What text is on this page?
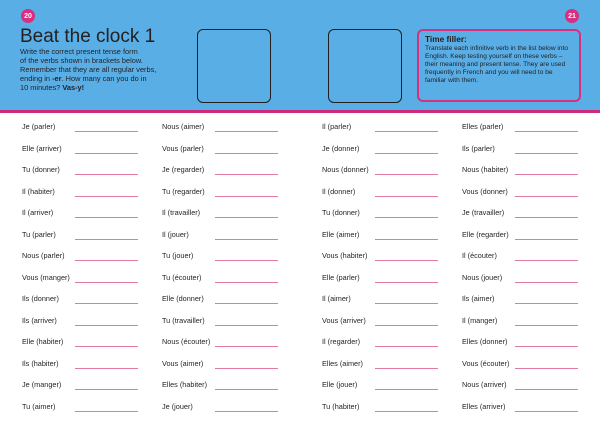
20	21
Beat the clock 1
Write the correct present tense form
of the verbs shown in brackets below.
Remember that they are all regular verbs,
ending in -er. How many can you do in
10 minutes? Vas-y!
Time filler:
Translate each infinitive verb in the list below into English. Keep testing yourself on these verbs – their meaning and present tense. They are used frequently in French and you will need to be familiar with them.
Je (parler)
Elle (arriver)
Tu (donner)
Il (habiter)
Il (arriver)
Tu (parler)
Nous (parler)
Vous (manger)
Ils (donner)
Ils (arriver)
Elle (habiter)
Ils (habiter)
Je (manger)
Tu (aimer)
Nous (aimer)
Vous (parler)
Je (regarder)
Tu (regarder)
Il (travailler)
Il (jouer)
Tu (jouer)
Tu (écouter)
Elle (donner)
Tu (travailler)
Nous (écouter)
Vous (aimer)
Elles (habiter)
Je (jouer)
Il (parler)
Je (donner)
Nous (donner)
Il (donner)
Tu (donner)
Elle (aimer)
Vous (habiter)
Elle (parler)
Il (aimer)
Vous (arriver)
Il (regarder)
Elles (aimer)
Elle (jouer)
Tu (habiter)
Elles (parler)
Ils (parler)
Nous (habiter)
Vous (donner)
Je (travailler)
Elle (regarder)
Il (écouter)
Nous (jouer)
Ils (aimer)
Il (manger)
Elles (donner)
Vous (écouter)
Nous (arriver)
Elles (arriver)
